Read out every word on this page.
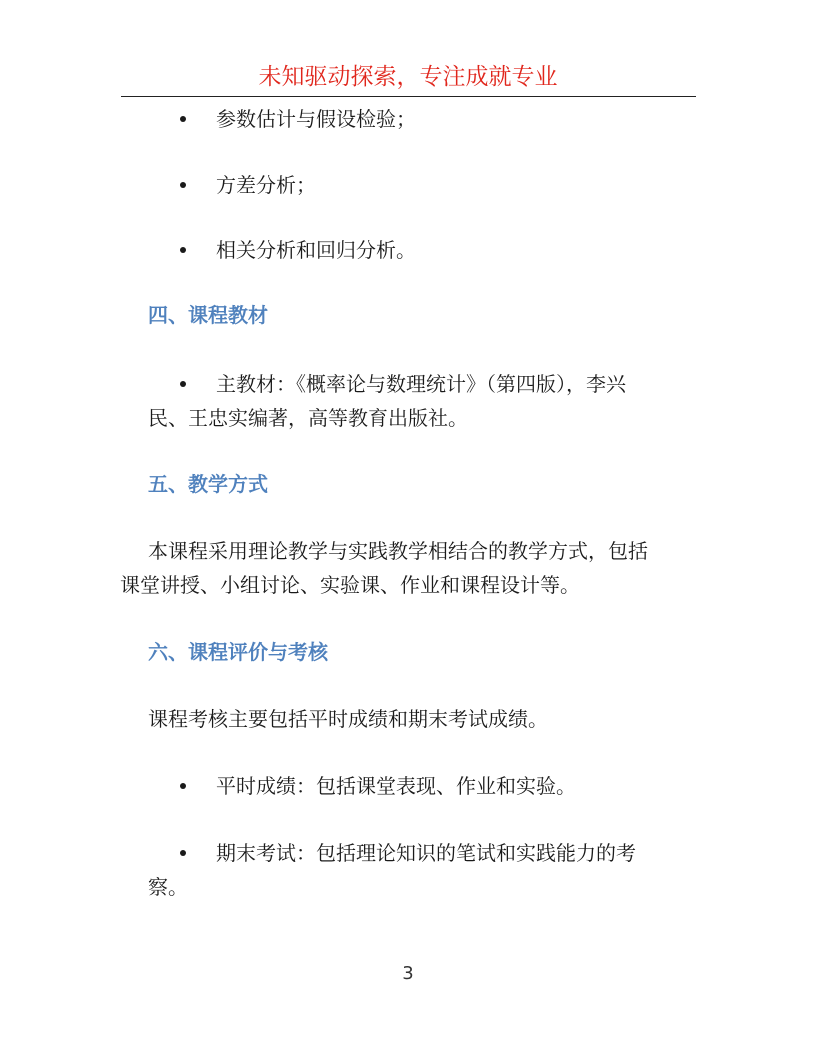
未知驱动探索，专注成就专业
参数估计与假设检验；
方差分析；
相关分析和回归分析。
四、课程教材
主教材：《概率论与数理统计》（第四版），李兴
民、王忠实编著，高等教育出版社。
五、教学方式
本课程采用理论教学与实践教学相结合的教学方式，包括
课堂讲授、小组讨论、实验课、作业和课程设计等。
六、课程评价与考核
课程考核主要包括平时成绩和期末考试成绩。
平时成绩：包括课堂表现、作业和实验。
期末考试：包括理论知识的笔试和实践能力的考
察。
3
